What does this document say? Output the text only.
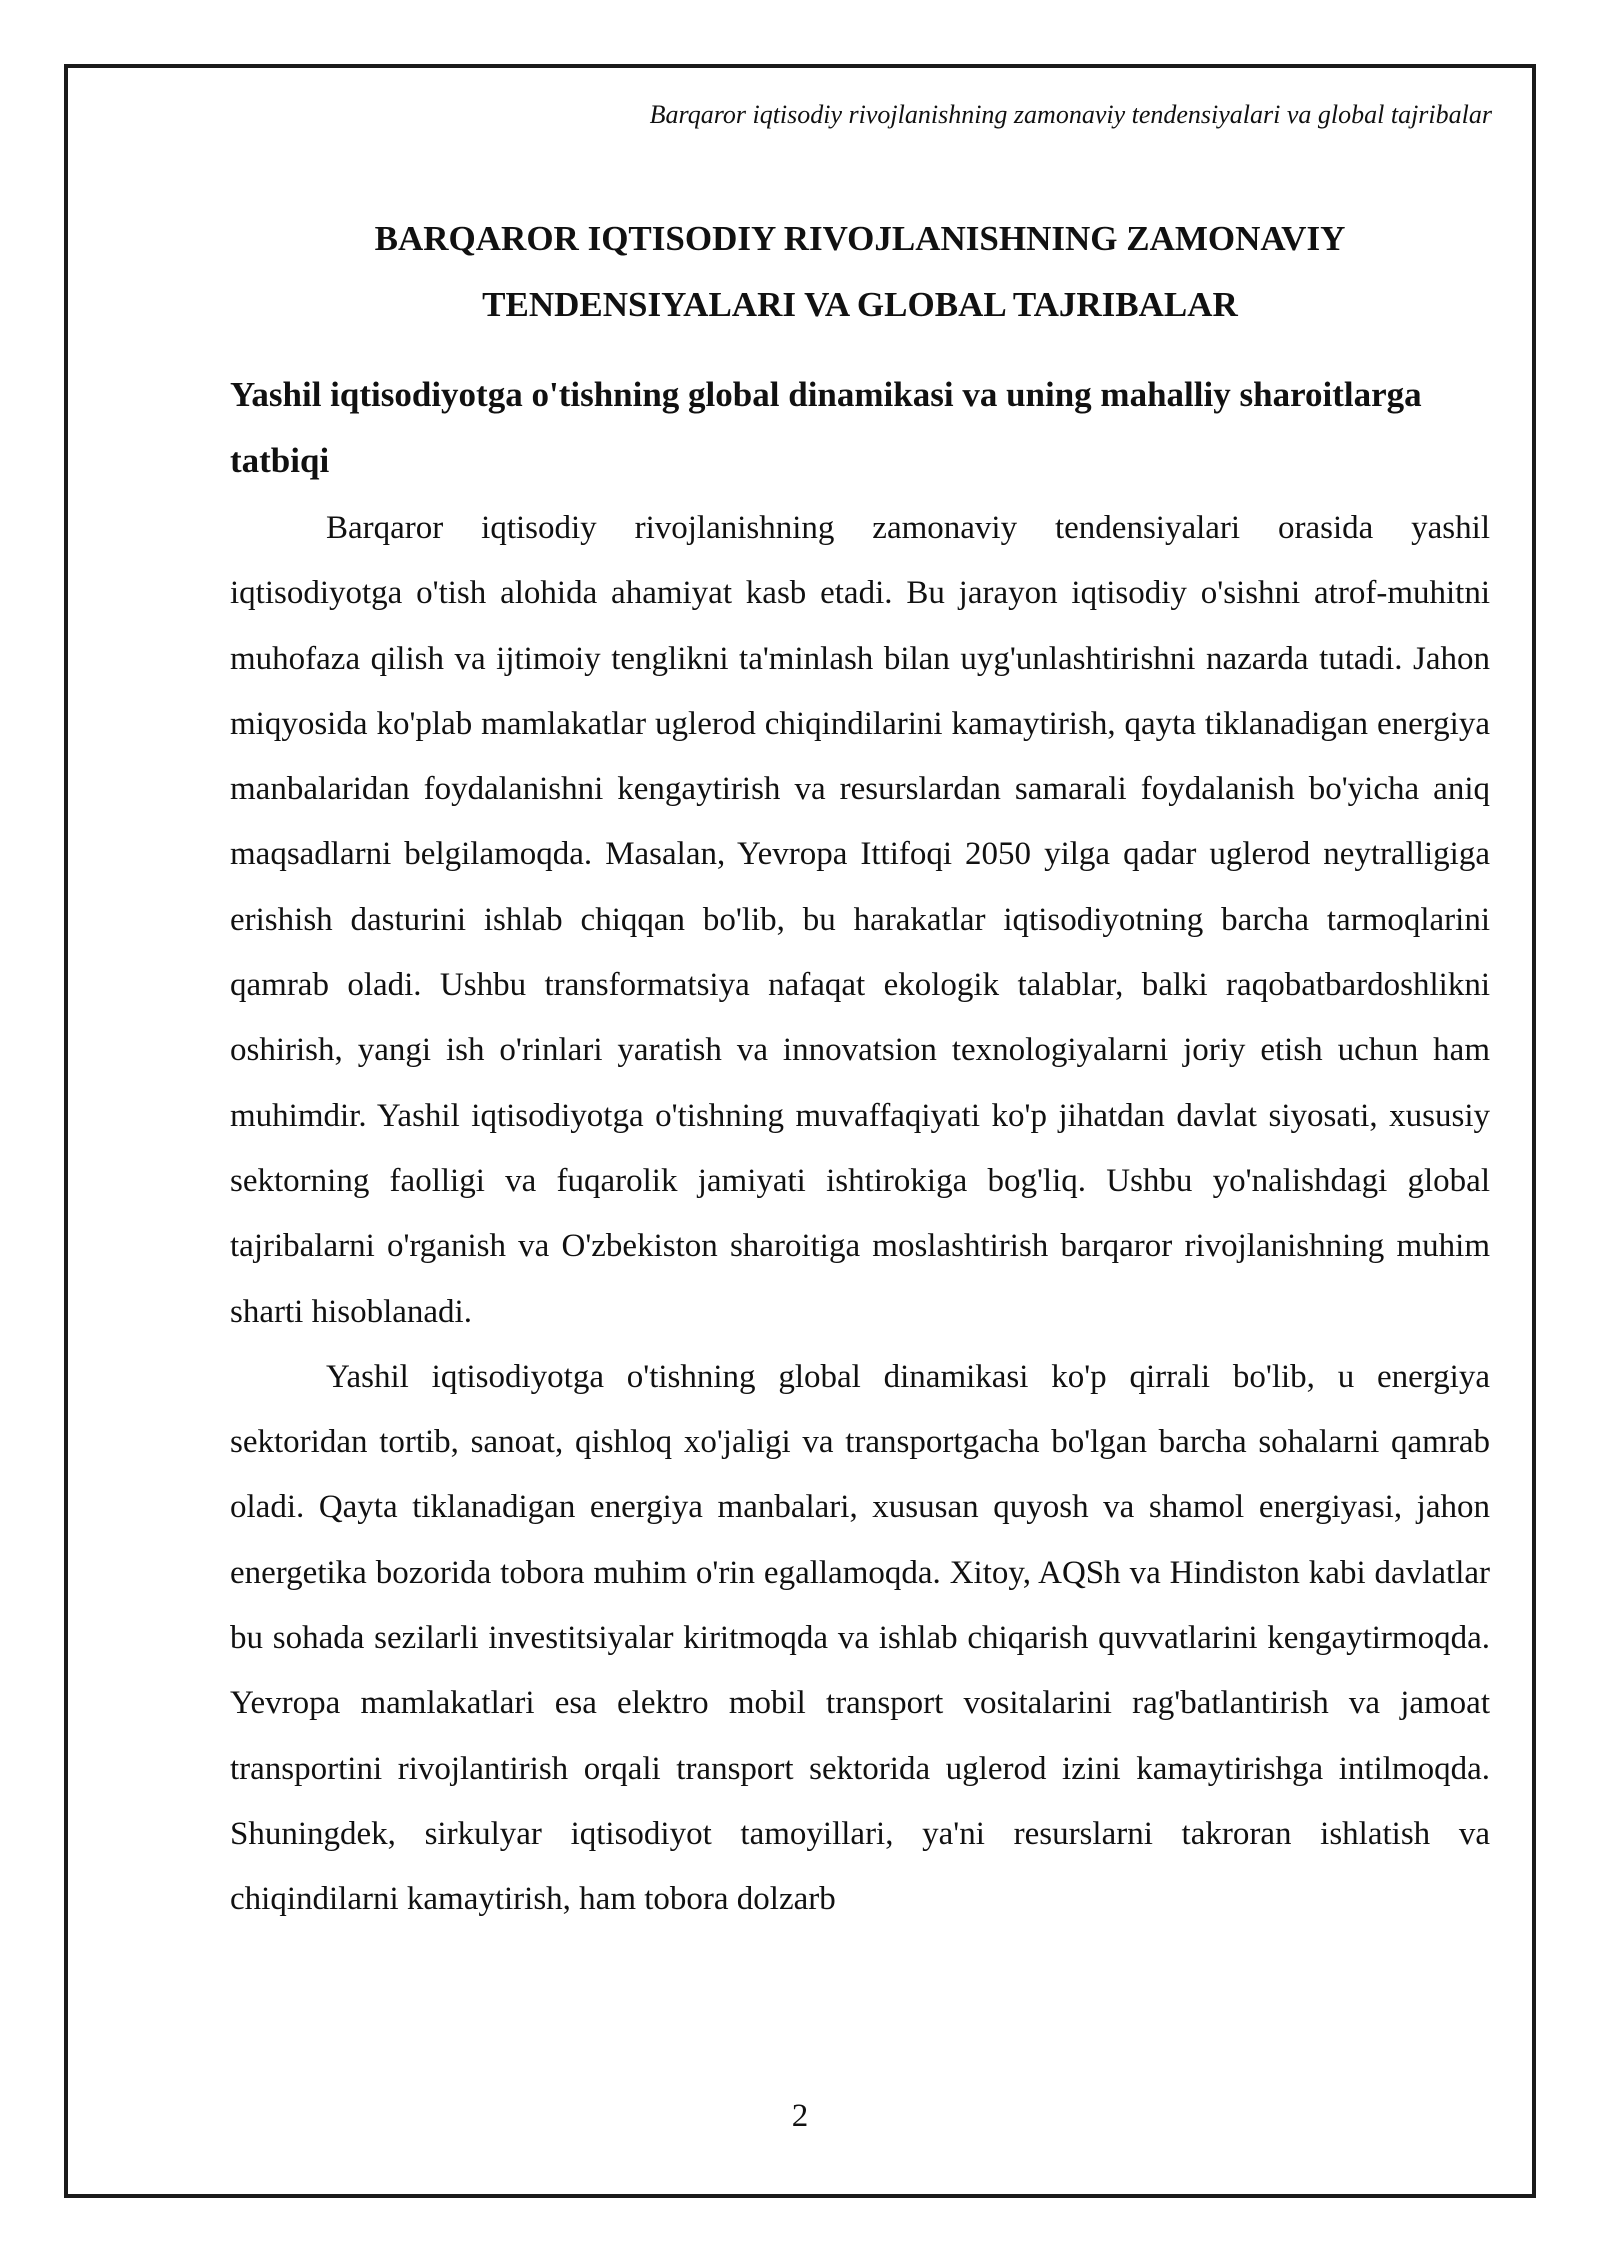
Barqaror iqtisodiy rivojlanishning zamonaviy tendensiyalari va global tajribalar
BARQAROR IQTISODIY RIVOJLANISHNING ZAMONAVIY TENDENSIYALARI VA GLOBAL TAJRIBALAR
Yashil iqtisodiyotga o'tishning global dinamikasi va uning mahalliy sharoitlarga tatbiqi

Barqaror iqtisodiy rivojlanishning zamonaviy tendensiyalari orasida yashil iqtisodiyotga o'tish alohida ahamiyat kasb etadi. Bu jarayon iqtisodiy o'sishni atrof-muhitni muhofaza qilish va ijtimoiy tenglikni ta'minlash bilan uyg'unlashtirishni nazarda tutadi. Jahon miqyosida ko'plab mamlakatlar uglerod chiqindilarini kamaytirish, qayta tiklanadigan energiya manbalaridan foydalanishni kengaytirish va resurslardan samarali foydalanish bo'yicha aniq maqsadlarni belgilamoqda. Masalan, Yevropa Ittifoqi 2050 yilga qadar uglerod neytralligiga erishish dasturini ishlab chiqqan bo'lib, bu harakatlar iqtisodiyotning barcha tarmoqlarini qamrab oladi. Ushbu transformatsiya nafaqat ekologik talablar, balki raqobatbardoshlikni oshirish, yangi ish o'rinlari yaratish va innovatsion texnologiyalarni joriy etish uchun ham muhimdir. Yashil iqtisodiyotga o'tishning muvaffaqiyati ko'p jihatdan davlat siyosati, xususiy sektorning faolligi va fuqarolik jamiyati ishtirokiga bog'liq. Ushbu yo'nalishdagi global tajribalarni o'rganish va O'zbekiston sharoitiga moslashtirish barqaror rivojlanishning muhim sharti hisoblanadi.

Yashil iqtisodiyotga o'tishning global dinamikasi ko'p qirrali bo'lib, u energiya sektoridan tortib, sanoat, qishloq xo'jaligi va transportgacha bo'lgan barcha sohalarni qamrab oladi. Qayta tiklanadigan energiya manbalari, xususan quyosh va shamol energiyasi, jahon energetika bozorida tobora muhim o'rin egallamoqda. Xitoy, AQSh va Hindiston kabi davlatlar bu sohada sezilarli investitsiyalar kiritmoqda va ishlab chiqarish quvvatlarini kengaytirmoqda. Yevropa mamlakatlari esa elektro mobil transport vositalarini rag'batlantirish va jamoat transportini rivojlantirish orqali transport sektorida uglerod izini kamaytirishga intilmoqda. Shuningdek, sirkulyar iqtisodiyot tamoyillari, ya'ni resurslarni takroran ishlatish va chiqindilarni kamaytirish, ham tobora dolzarb

2
